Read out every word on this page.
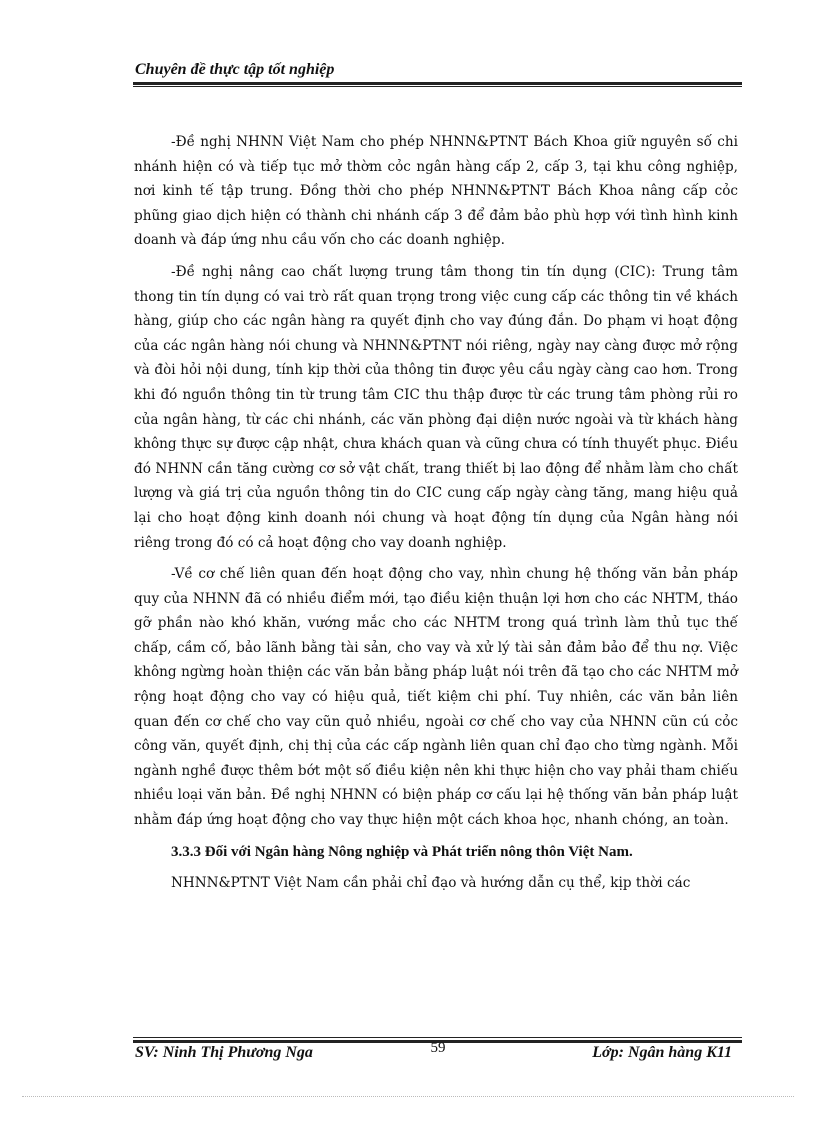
Chuyên đề thực tập tốt nghiệp

-Đề nghị NHNN Việt Nam cho phép NHNN&PTNT Bách Khoa giữ nguyên số chi nhánh hiện có và tiếp tục mở thờm cỏc ngân hàng cấp 2, cấp 3, tại khu công nghiệp, nơi kinh tế tập trung. Đồng thời cho phép NHNN&PTNT Bách Khoa nâng cấp cỏc phũng giao dịch hiện có thành chi nhánh cấp 3 để đảm bảo phù hợp với tình hình kinh doanh và đáp ứng nhu cầu vốn cho các doanh nghiệp.

-Đề nghị nâng cao chất lượng trung tâm thong tin tín dụng (CIC): Trung tâm thong tin tín dụng có vai trò rất quan trọng trong việc cung cấp các thông tin về khách hàng, giúp cho các ngân hàng ra quyết định cho vay đúng đắn. Do phạm vi hoạt động của các ngân hàng nói chung và NHNN&PTNT nói riêng, ngày nay càng được mở rộng và đòi hỏi nội dung, tính kịp thời của thông tin được yêu cầu ngày càng cao hơn. Trong khi đó nguồn thông tin từ trung tâm CIC thu thập được từ các trung tâm phòng rủi ro của ngân hàng, từ các chi nhánh, các văn phòng đại diện nước ngoài và từ khách hàng không thực sự được cập nhật, chưa khách quan và cũng chưa có tính thuyết phục. Điều đó NHNN cần tăng cường cơ sở vật chất, trang thiết bị lao động để nhằm làm cho chất lượng và giá trị của nguồn thông tin do CIC cung cấp ngày càng tăng, mang hiệu quả lại cho hoạt động kinh doanh nói chung và hoạt động tín dụng của Ngân hàng nói riêng trong đó có cả hoạt động cho vay doanh nghiệp.

-Về cơ chế liên quan đến hoạt động cho vay, nhìn chung hệ thống văn bản pháp quy của NHNN đã có nhiều điểm mới, tạo điều kiện thuận lợi hơn cho các NHTM, tháo gỡ phần nào khó khăn, vướng mắc cho các NHTM trong quá trình làm thủ tục thế chấp, cầm cố, bảo lãnh bằng tài sản, cho vay và xử lý tài sản đảm bảo để thu nợ. Việc không ngừng hoàn thiện các văn bản bằng pháp luật nói trên đã tạo cho các NHTM mở rộng hoạt động cho vay có hiệu quả, tiết kiệm chi phí. Tuy nhiên, các văn bản liên quan đến cơ chế cho vay cũn quỏ nhiều, ngoài cơ chế cho vay của NHNN cũn cú cỏc công văn, quyết định, chị thị của các cấp ngành liên quan chỉ đạo cho từng ngành. Mỗi ngành nghề được thêm bớt một số điều kiện nên khi thực hiện cho vay phải tham chiếu nhiều loại văn bản. Đề nghị NHNN có biện pháp cơ cấu lại hệ thống văn bản pháp luật nhằm đáp ứng hoạt động cho vay thực hiện một cách khoa học, nhanh chóng, an toàn.

3.3.3 Đối với Ngân hàng Nông nghiệp và Phát triển nông thôn Việt Nam.

NHNN&PTNT Việt Nam cần phải chỉ đạo và hướng dẫn cụ thể, kịp thời các

SV: Ninh Thị Phương Nga	59	Lớp: Ngân hàng K11
